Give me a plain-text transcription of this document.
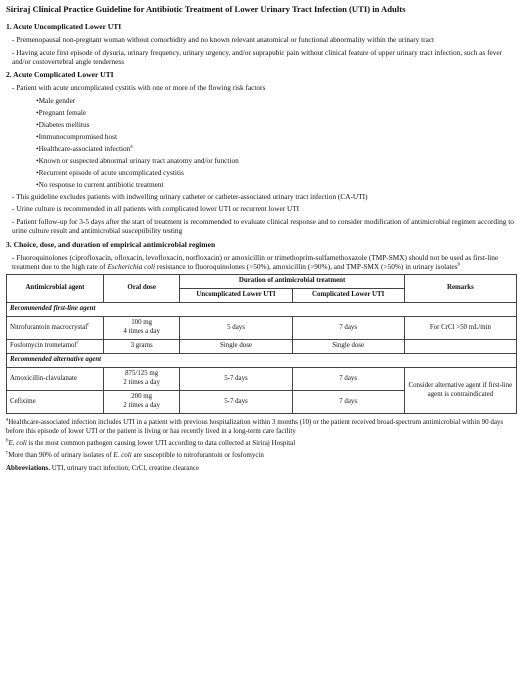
Siriraj Clinical Practice Guideline for Antibiotic Treatment of Lower Urinary Tract Infection (UTI) in Adults
1. Acute Uncomplicated Lower UTI

- Premenopausal non-pregnant woman without comorbidity and no known relevant anatomical or functional abnormality within the urinary tract

- Having acute first episode of dysuria, urinary frequency, urinary urgency, and/or suprapubic pain without clinical feature of upper urinary tract infection, such as fever and/or costovertebral angle tenderness

2. Acute Complicated Lower UTI

- Patient with acute uncomplicated cystitis with one or more of the flowing risk factors

• Male gender
• Pregnant female
• Diabetes mellitus
• Immunocompromised host
• Healthcare-associated infection$^a$
• Known or suspected abnormal urinary tract anatomy and/or function
• Recurrent episode of acute uncomplicated cystitis
• No response to current antibiotic treatment

- This guideline excludes patients with indwelling urinary catheter or catheter-associated urinary tract infection (CA-UTI)

- Urine culture is recommended in all patients with complicated lower UTI or recurrent lower UTI

- Patient follow-up for 3-5 days after the start of treatment is recommended to evaluate clinical response and to consider modification of antimicrobial regimen according to urine culture result and antimicrobial susceptibility testing

3. Choice, dose, and duration of empirical antimicrobial regimen

- Fluoroquinolones (ciprofloxacin, ofloxacin, levofloxacin, norfloxacin) or amoxicillin or trimethoprim-sulfamethoxazole (TMP-SMX) should not be used as first-line treatment due to the high rate of Escherichia coli resistance to fluoroquinolones (>50%), amoxicillin (>90%), and TMP-SMX (>50%) in urinary isolates$^b$

Antimicrobial agent	Oral dose	Duration of antimicrobial treatment		Remarks
		Uncomplicated Lower UTI	Complicated Lower UTI	
Recommended first-line agent				
Nitrofurantoin macrocrystal$^c$	100 mg
4 times a day	5 days	7 days	For CrCl >50 mL/min
Fosfomycin trometamol$^c$	3 grams	Single dose	Single dose	
Recommended alternative agent				
Amoxicillin-clavulanate	875/125 mg
2 times a day	5-7 days	7 days	Consider alternative agent if first-line agent is contraindicated
Cefixime	200 mg
2 times a day	5-7 days	7 days	

$^a$Healthcare-associated infection includes UTI in a patient with previous hospitalization within 3 months (10) or the patient received broad-spectrum antimicrobial within 90 days before this episode of lower UTI or the patient is living or has recently lived in a long-term care facility

$^b$E. coli is the most common pathogen causing lower UTI according to data collected at Siriraj Hospital

$^c$More than 90% of urinary isolates of E. coli are susceptible to nitrofurantoin or fosfomycin

Abbreviations. UTI, urinary tract infection; CrCl, creatine clearance
